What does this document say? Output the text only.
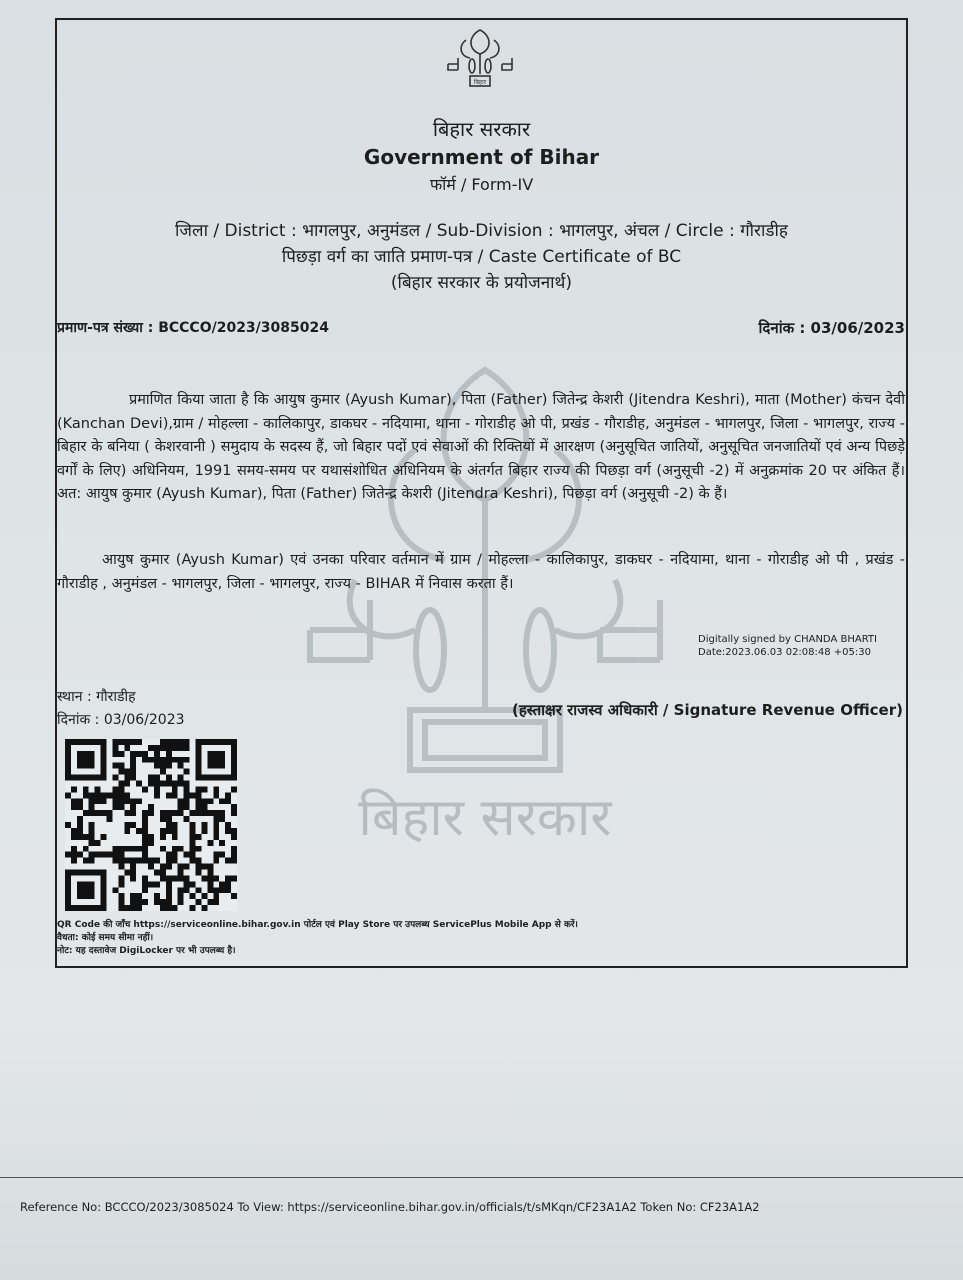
बिहार सरकार
बिहार
बिहार सरकार
Government of Bihar
फॉर्म / Form-IV
जिला / District : भागलपुर, अनुमंडल / Sub-Division : भागलपुर, अंचल / Circle : गौराडीह
पिछड़ा वर्ग का जाति प्रमाण-पत्र / Caste Certificate of BC
(बिहार सरकार के प्रयोजनार्थ)
प्रमाण-पत्र संख्या : BCCCO/2023/3085024	दिनांक : 03/06/2023
प्रमाणित किया जाता है कि आयुष कुमार (Ayush Kumar), पिता (Father) जितेन्द्र केशरी (Jitendra Keshri), माता (Mother) कंचन देवी (Kanchan Devi),ग्राम / मोहल्ला - कालिकापुर, डाकघर - नदियामा, थाना - गोराडीह ओ पी, प्रखंड - गौराडीह, अनुमंडल - भागलपुर, जिला - भागलपुर, राज्य - बिहार के बनिया ( केशरवानी ) समुदाय के सदस्य हैं, जो बिहार पदों एवं सेवाओं की रिक्तियों में आरक्षण (अनुसूचित जातियों, अनुसूचित जनजातियों एवं अन्य पिछड़े वर्गों के लिए) अधिनियम, 1991 समय-समय पर यथासंशोधित अधिनियम के अंतर्गत बिहार राज्य की पिछड़ा वर्ग (अनुसूची -2) में अनुक्रमांक 20 पर अंकित हैं। अत: आयुष कुमार (Ayush Kumar), पिता (Father) जितेन्द्र केशरी (Jitendra Keshri), पिछड़ा वर्ग (अनुसूची -2) के हैं।
आयुष कुमार (Ayush Kumar) एवं उनका परिवार वर्तमान में ग्राम / मोहल्ला - कालिकापुर, डाकघर - नदियामा, थाना - गोराडीह ओ पी , प्रखंड - गौराडीह , अनुमंडल - भागलपुर, जिला - भागलपुर, राज्य - BIHAR में निवास करता हैं।
Digitally signed by CHANDA BHARTI
Date:2023.06.03 02:08:48 +05:30
स्थान : गौराडीह
दिनांक : 03/06/2023
(हस्ताक्षर राजस्व अधिकारी / Signature Revenue Officer)
QR Code की जाँच https://serviceonline.bihar.gov.in पोर्टल एवं Play Store पर उपलब्ध ServicePlus Mobile App से करें।
वैधता: कोई समय सीमा नहीं।
नोट: यह दस्तावेज DigiLocker पर भी उपलब्ध है।
Reference No: BCCCO/2023/3085024 To View: https://serviceonline.bihar.gov.in/officials/t/sMKqn/CF23A1A2 Token No: CF23A1A2
